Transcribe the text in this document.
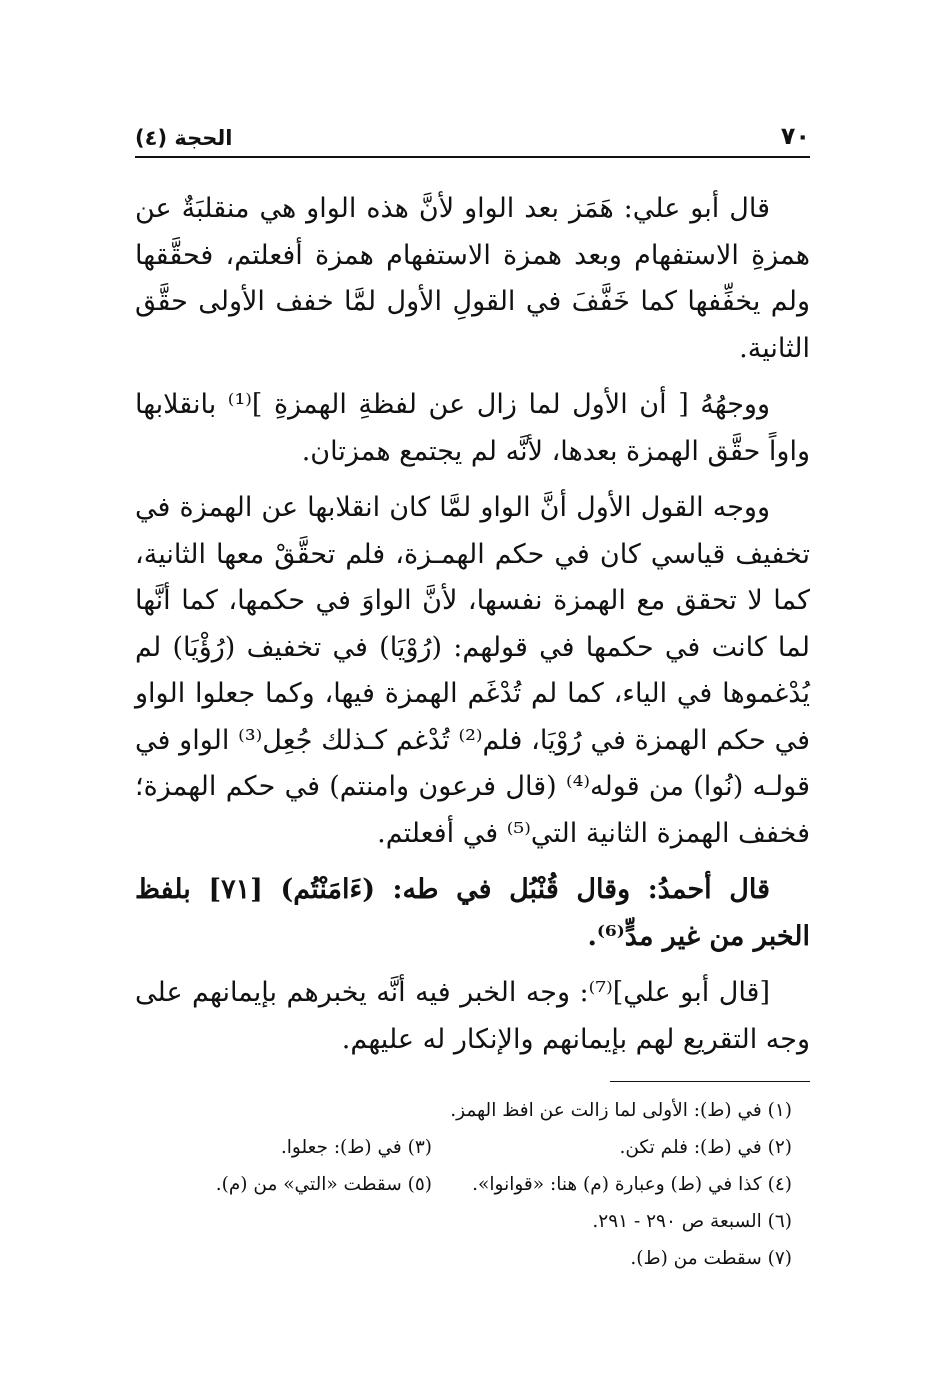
٧٠
الحجة (٤)

قال أبو علي: هَمَز بعد الواو لأنَّ هذه الواو هي منقلبَةٌ عن همزةِ الاستفهام وبعد همزة الاستفهام همزة أفعلتم، فحقَّقها ولم يخفِّفها كما خَفَّفَ في القولِ الأول لمَّا خفف الأولى حقَّق الثانية.

ووجهُهُ [ أن الأول لما زال عن لفظةِ الهمزةِ ]⁽¹⁾ بانقلابها واواً حقَّق الهمزة بعدها، لأنَّه لم يجتمع همزتان.

ووجه القول الأول أنَّ الواو لمَّا كان انقلابها عن الهمزة في تخفيف قياسي كان في حكم الهمـزة، فلم تحقَّقْ معها الثانية، كما لا تحقق مع الهمزة نفسها، لأنَّ الواوَ في حكمها، كما أنَّها لما كانت في حكمها في قولهم: (رُوْيَا) في تخفيف (رُؤْيَا) لم يُدْغموها في الياء، كما لم تُدْغَم الهمزة فيها، وكما جعلوا الواو في حكم الهمزة في رُوْيَا، فلم⁽²⁾ تُدْغم كـذلك جُعِل⁽³⁾ الواو في قولـه (نُوا) من قوله⁽⁴⁾ (قال فرعون وامنتم) في حكم الهمزة؛ فخفف الهمزة الثانية التي⁽⁵⁾ في أفعلتم.

قال أحمدُ: وقال قُنْبُل في طه: (ءَامَنْتُم) [٧١] بلفظ الخبر من غير مدٍّ⁽⁶⁾.

[قال أبو علي]⁽⁷⁾: وجه الخبر فيه أنَّه يخبرهم بإيمانهم على وجه التقريع لهم بإيمانهم والإنكار له عليهم.

(١) في (ط): الأولى لما زالت عن افظ الهمز.
(٢) في (ط): فلم تكن.
(٣) في (ط): جعلوا.
(٤) كذا في (ط) وعبارة (م) هنا: «قوانوا».
(٥) سقطت «التي» من (م).
(٦) السبعة ص ٢٩٠ - ٢٩١.
(٧) سقطت من (ط).
